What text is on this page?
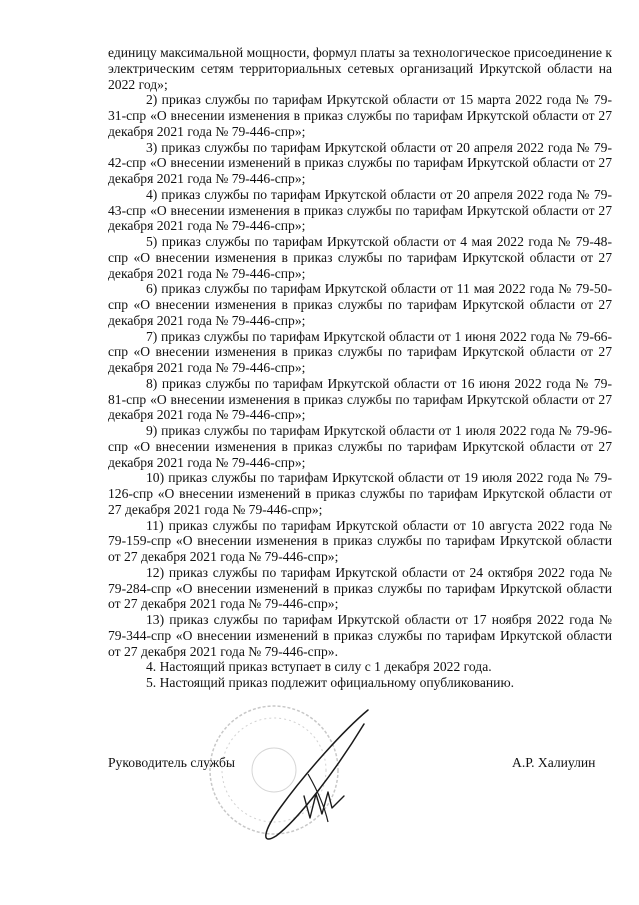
единицу максимальной мощности, формул платы за технологическое присоединение к электрическим сетям территориальных сетевых организаций Иркутской области на 2022 год»;

2) приказ службы по тарифам Иркутской области от 15 марта 2022 года № 79-31-спр «О внесении изменения в приказ службы по тарифам Иркутской области от 27 декабря 2021 года № 79-446-спр»;

3) приказ службы по тарифам Иркутской области от 20 апреля 2022 года № 79-42-спр «О внесении изменений в приказ службы по тарифам Иркутской области от 27 декабря 2021 года № 79-446-спр»;

4) приказ службы по тарифам Иркутской области от 20 апреля 2022 года № 79-43-спр «О внесении изменения в приказ службы по тарифам Иркутской области от 27 декабря 2021 года № 79-446-спр»;

5) приказ службы по тарифам Иркутской области от 4 мая 2022 года № 79-48-спр «О внесении изменения в приказ службы по тарифам Иркутской области от 27 декабря 2021 года № 79-446-спр»;

6) приказ службы по тарифам Иркутской области от 11 мая 2022 года № 79-50-спр «О внесении изменения в приказ службы по тарифам Иркутской области от 27 декабря 2021 года № 79-446-спр»;

7) приказ службы по тарифам Иркутской области от 1 июня 2022 года № 79-66-спр «О внесении изменения в приказ службы по тарифам Иркутской области от 27 декабря 2021 года № 79-446-спр»;

8) приказ службы по тарифам Иркутской области от 16 июня 2022 года № 79-81-спр «О внесении изменения в приказ службы по тарифам Иркутской области от 27 декабря 2021 года № 79-446-спр»;

9) приказ службы по тарифам Иркутской области от 1 июля 2022 года № 79-96-спр «О внесении изменения в приказ службы по тарифам Иркутской области от 27 декабря 2021 года № 79-446-спр»;

10) приказ службы по тарифам Иркутской области от 19 июля 2022 года № 79-126-спр «О внесении изменений в приказ службы по тарифам Иркутской области от 27 декабря 2021 года № 79-446-спр»;

11) приказ службы по тарифам Иркутской области от 10 августа 2022 года № 79-159-спр «О внесении изменения в приказ службы по тарифам Иркутской области от 27 декабря 2021 года № 79-446-спр»;

12) приказ службы по тарифам Иркутской области от 24 октября 2022 года № 79-284-спр «О внесении изменений в приказ службы по тарифам Иркутской области от 27 декабря 2021 года № 79-446-спр»;

13) приказ службы по тарифам Иркутской области от 17 ноября 2022 года № 79-344-спр «О внесении изменений в приказ службы по тарифам Иркутской области от 27 декабря 2021 года № 79-446-спр».

4. Настоящий приказ вступает в силу с 1 декабря 2022 года.

5. Настоящий приказ подлежит официальному опубликованию.

Руководитель службы	А.Р. Халиулин
